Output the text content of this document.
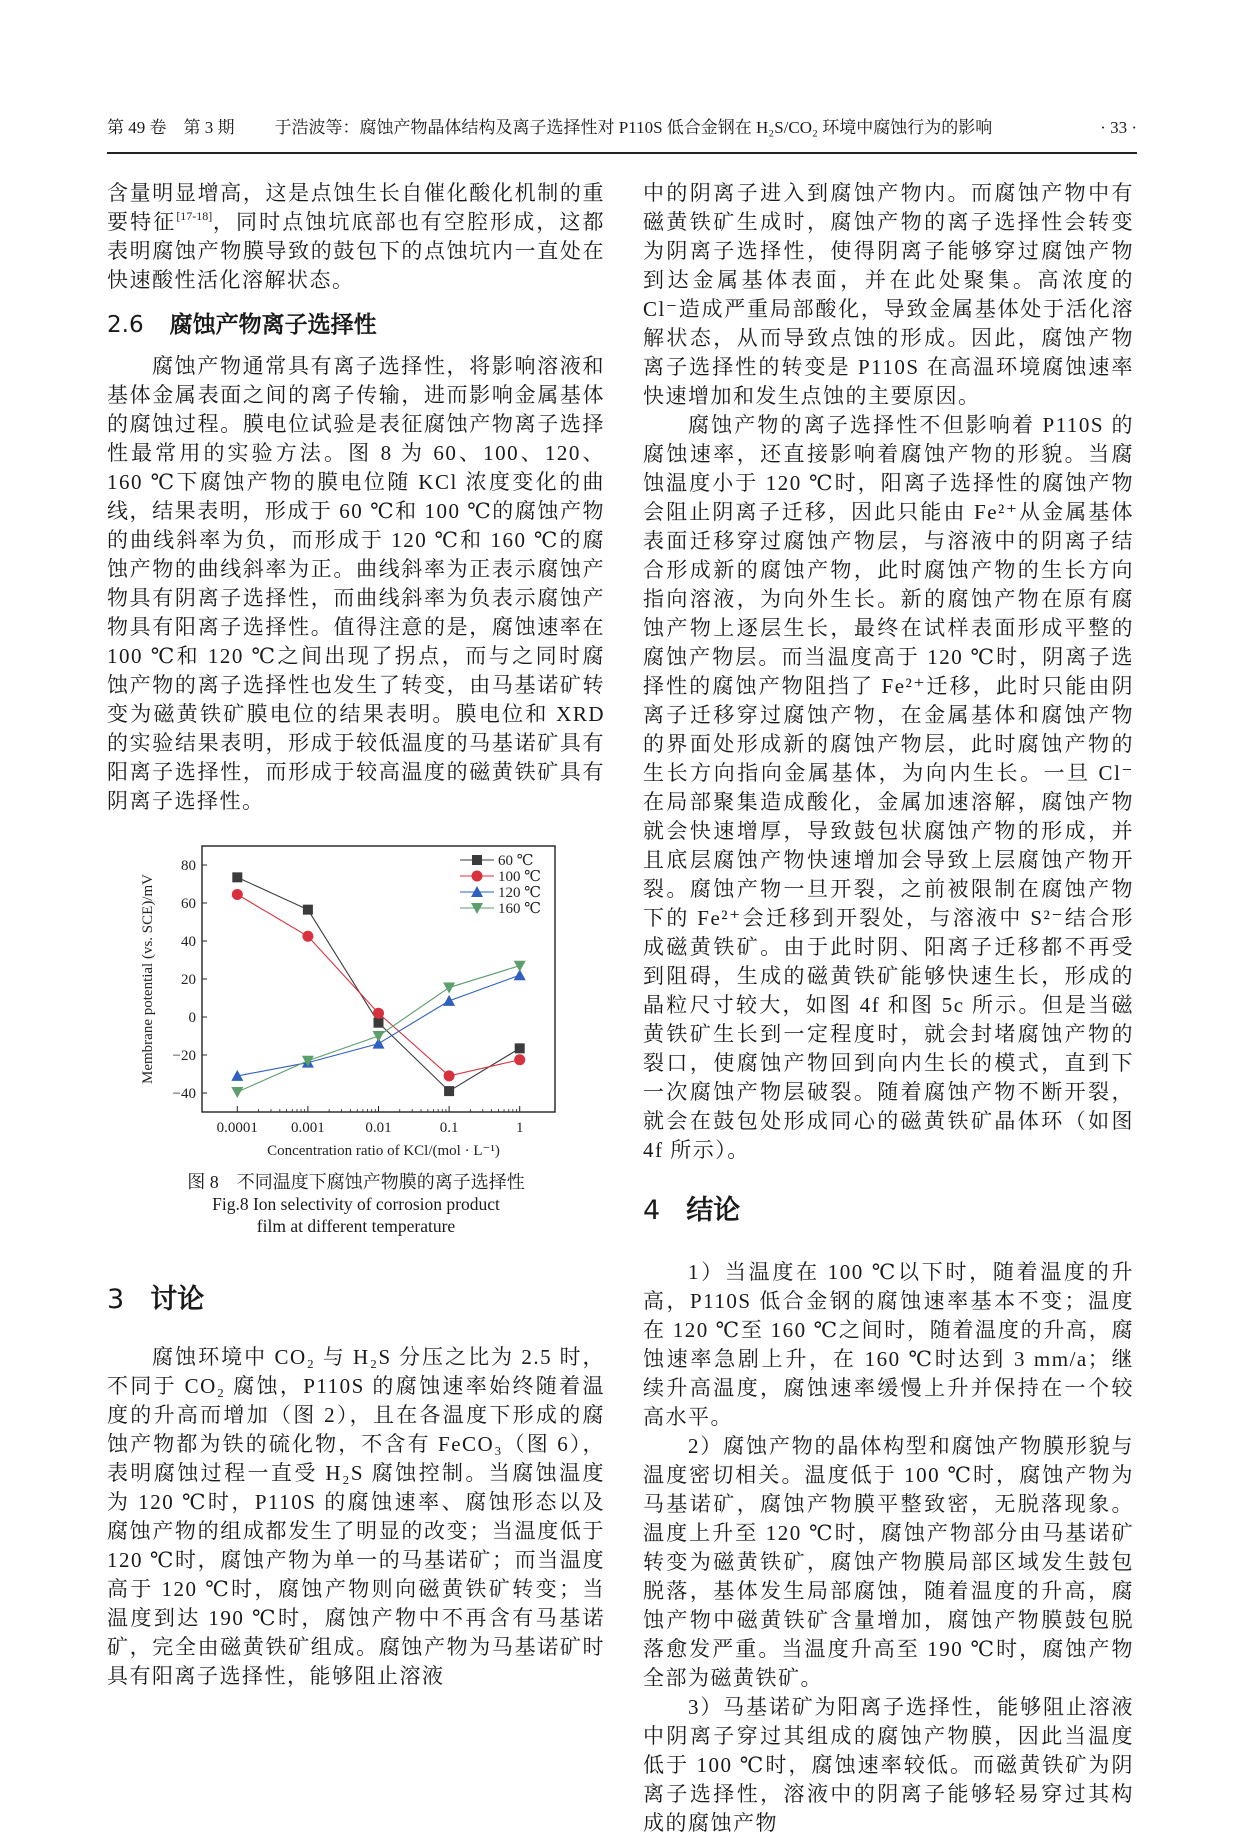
第 49 卷　第 3 期 于浩波等：腐蚀产物晶体结构及离子选择性对 P110S 低合金钢在 H₂S/CO₂ 环境中腐蚀行为的影响	· 33 ·

含量明显增高，这是点蚀生长自催化酸化机制的重要特征[17-18]，同时点蚀坑底部也有空腔形成，这都表明腐蚀产物膜导致的鼓包下的点蚀坑内一直处在快速酸性活化溶解状态。

2.6 腐蚀产物离子选择性

腐蚀产物通常具有离子选择性，将影响溶液和基体金属表面之间的离子传输，进而影响金属基体的腐蚀过程。膜电位试验是表征腐蚀产物离子选择性最常用的实验方法。图 8 为 60、100、120、160 ℃下腐蚀产物的膜电位随 KCl 浓度变化的曲线，结果表明，形成于 60 ℃和 100 ℃的腐蚀产物的曲线斜率为负，而形成于 120 ℃和 160 ℃的腐蚀产物的曲线斜率为正。曲线斜率为正表示腐蚀产物具有阴离子选择性，而曲线斜率为负表示腐蚀产物具有阳离子选择性。值得注意的是，腐蚀速率在 100 ℃和 120 ℃之间出现了拐点，而与之同时腐蚀产物的离子选择性也发生了转变，由马基诺矿转变为磁黄铁矿膜电位的结果表明。膜电位和 XRD 的实验结果表明，形成于较低温度的马基诺矿具有阳离子选择性，而形成于较高温度的磁黄铁矿具有阴离子选择性。

80
60
40
20
0
−20
−40
0.0001 0.001	0.01	0.1	1
Concentration ratio of KCl/(mol · L⁻¹)
Membrane potential (vs. SCE)/mV
60 ℃
100 ℃
120 ℃
160 ℃
图 8　不同温度下腐蚀产物膜的离子选择性
Fig.8 Ion selectivity of corrosion product
film at different temperature
3 讨论

腐蚀环境中 CO₂ 与 H₂S 分压之比为 2.5 时，不同于 CO₂ 腐蚀，P110S 的腐蚀速率始终随着温度的升高而增加（图 2），且在各温度下形成的腐蚀产物都为铁的硫化物，不含有 FeCO₃（图 6），表明腐蚀过程一直受 H₂S 腐蚀控制。当腐蚀温度为 120 ℃时，P110S 的腐蚀速率、腐蚀形态以及腐蚀产物的组成都发生了明显的改变；当温度低于 120 ℃时，腐蚀产物为单一的马基诺矿；而当温度高于 120 ℃时，腐蚀产物则向磁黄铁矿转变；当温度到达 190 ℃时，腐蚀产物中不再含有马基诺矿，完全由磁黄铁矿组成。腐蚀产物为马基诺矿时具有阳离子选择性，能够阻止溶液

中的阴离子进入到腐蚀产物内。而腐蚀产物中有磁黄铁矿生成时，腐蚀产物的离子选择性会转变为阴离子选择性，使得阴离子能够穿过腐蚀产物到达金属基体表面，并在此处聚集。高浓度的 Cl⁻造成严重局部酸化，导致金属基体处于活化溶解状态，从而导致点蚀的形成。因此，腐蚀产物离子选择性的转变是 P110S 在高温环境腐蚀速率快速增加和发生点蚀的主要原因。

腐蚀产物的离子选择性不但影响着 P110S 的腐蚀速率，还直接影响着腐蚀产物的形貌。当腐蚀温度小于 120 ℃时，阳离子选择性的腐蚀产物会阻止阴离子迁移，因此只能由 Fe²⁺从金属基体表面迁移穿过腐蚀产物层，与溶液中的阴离子结合形成新的腐蚀产物，此时腐蚀产物的生长方向指向溶液，为向外生长。新的腐蚀产物在原有腐蚀产物上逐层生长，最终在试样表面形成平整的腐蚀产物层。而当温度高于 120 ℃时，阴离子选择性的腐蚀产物阻挡了 Fe²⁺迁移，此时只能由阴离子迁移穿过腐蚀产物，在金属基体和腐蚀产物的界面处形成新的腐蚀产物层，此时腐蚀产物的生长方向指向金属基体，为向内生长。一旦 Cl⁻在局部聚集造成酸化，金属加速溶解，腐蚀产物就会快速增厚，导致鼓包状腐蚀产物的形成，并且底层腐蚀产物快速增加会导致上层腐蚀产物开裂。腐蚀产物一旦开裂，之前被限制在腐蚀产物下的 Fe²⁺会迁移到开裂处，与溶液中 S²⁻结合形成磁黄铁矿。由于此时阴、阳离子迁移都不再受到阻碍，生成的磁黄铁矿能够快速生长，形成的晶粒尺寸较大，如图 4f 和图 5c 所示。但是当磁黄铁矿生长到一定程度时，就会封堵腐蚀产物的裂口，使腐蚀产物回到向内生长的模式，直到下一次腐蚀产物层破裂。随着腐蚀产物不断开裂，就会在鼓包处形成同心的磁黄铁矿晶体环（如图 4f 所示）。

4 结论

1）当温度在 100 ℃以下时，随着温度的升高，P110S 低合金钢的腐蚀速率基本不变；温度在 120 ℃至 160 ℃之间时，随着温度的升高，腐蚀速率急剧上升，在 160 ℃时达到 3 mm/a；继续升高温度，腐蚀速率缓慢上升并保持在一个较高水平。

2）腐蚀产物的晶体构型和腐蚀产物膜形貌与温度密切相关。温度低于 100 ℃时，腐蚀产物为马基诺矿，腐蚀产物膜平整致密，无脱落现象。温度上升至 120 ℃时，腐蚀产物部分由马基诺矿转变为磁黄铁矿，腐蚀产物膜局部区域发生鼓包脱落，基体发生局部腐蚀，随着温度的升高，腐蚀产物中磁黄铁矿含量增加，腐蚀产物膜鼓包脱落愈发严重。当温度升高至 190 ℃时，腐蚀产物全部为磁黄铁矿。

3）马基诺矿为阳离子选择性，能够阻止溶液中阴离子穿过其组成的腐蚀产物膜，因此当温度低于 100 ℃时，腐蚀速率较低。而磁黄铁矿为阴离子选择性，溶液中的阴离子能够轻易穿过其构成的腐蚀产物
